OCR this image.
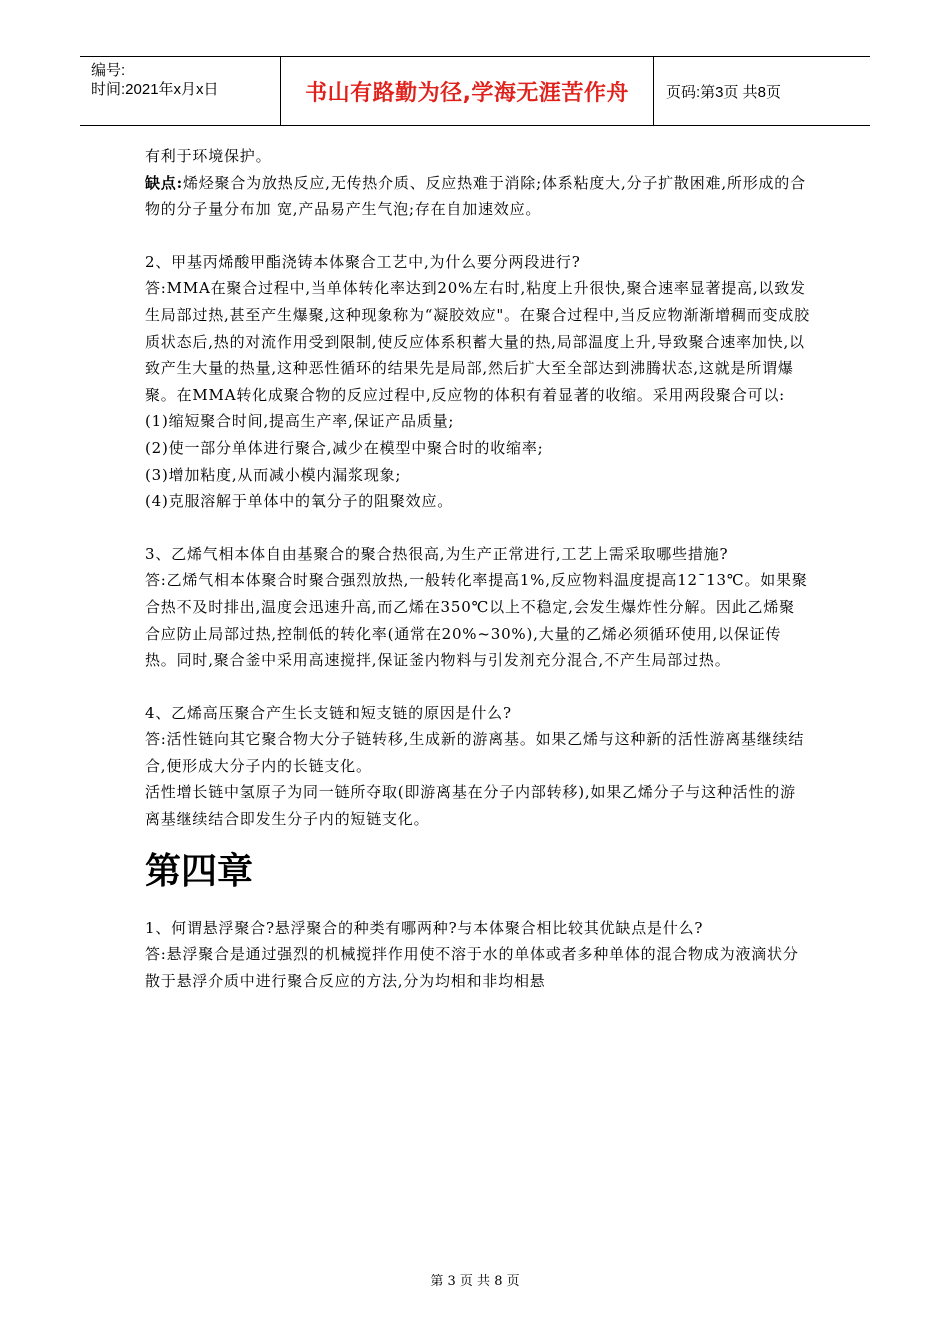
编号:
时间:2021年x月x日	书山有路勤为径,学海无涯苦作舟	页码:第3页 共8页

有利于环境保护。

缺点:烯烃聚合为放热反应,无传热介质、反应热难于消除;体系粘度大,分子扩散困难,所形成的合物的分子量分布加 宽,产品易产生气泡;存在自加速效应。

2、甲基丙烯酸甲酯浇铸本体聚合工艺中,为什么要分两段进行?

答:MMA在聚合过程中,当单体转化率达到20%左右时,粘度上升很快,聚合速率显著提高,以致发生局部过热,甚至产生爆聚,这种现象称为“凝胶效应"。在聚合过程中,当反应物渐渐增稠而变成胶质状态后,热的对流作用受到限制,使反应体系积蓄大量的热,局部温度上升,导致聚合速率加快,以致产生大量的热量,这种恶性循环的结果先是局部,然后扩大至全部达到沸腾状态,这就是所谓爆聚。在MMA转化成聚合物的反应过程中,反应物的体积有着显著的收缩。采用两段聚合可以:

(1)缩短聚合时间,提高生产率,保证产品质量;

(2)使一部分单体进行聚合,减少在模型中聚合时的收缩率;

(3)增加粘度,从而减小模内漏浆现象;

(4)克服溶解于单体中的氧分子的阻聚效应。

3、乙烯气相本体自由基聚合的聚合热很高,为生产正常进行,工艺上需采取哪些措施?

答:乙烯气相本体聚合时聚合强烈放热,一般转化率提高1%,反应物料温度提高12¯13℃。如果聚合热不及时排出,温度会迅速升高,而乙烯在350℃以上不稳定,会发生爆炸性分解。因此乙烯聚合应防止局部过热,控制低的转化率(通常在20%~30%),大量的乙烯必须循环使用,以保证传热。同时,聚合釜中采用高速搅拌,保证釜内物料与引发剂充分混合,不产生局部过热。

4、乙烯高压聚合产生长支链和短支链的原因是什么?

答:活性链向其它聚合物大分子链转移,生成新的游离基。如果乙烯与这种新的活性游离基继续结合,便形成大分子内的长链支化。

活性增长链中氢原子为同一链所夺取(即游离基在分子内部转移),如果乙烯分子与这种活性的游离基继续结合即发生分子内的短链支化。

第四章

1、何谓悬浮聚合?悬浮聚合的种类有哪两种?与本体聚合相比较其优缺点是什么?

答:悬浮聚合是通过强烈的机械搅拌作用使不溶于水的单体或者多种单体的混合物成为液滴状分散于悬浮介质中进行聚合反应的方法,分为均相和非均相悬

第 3 页 共 8 页
